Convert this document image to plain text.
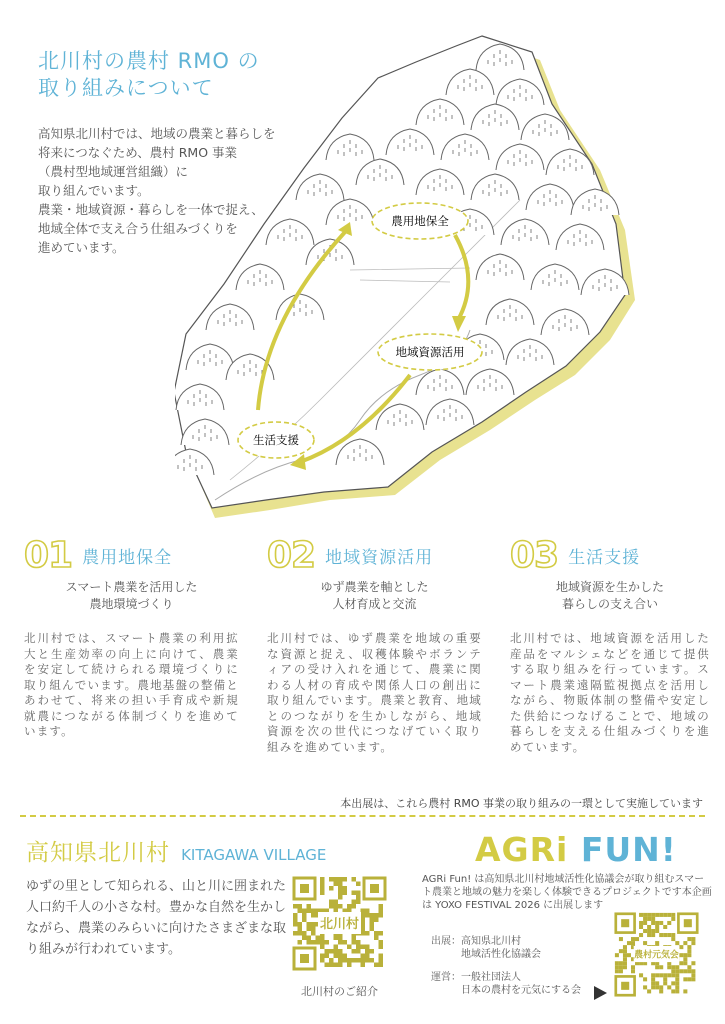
北川村の農村 RMO の
取り組みについて
高知県北川村では、地域の農業と暮らしを
将来につなぐため、農村 RMO 事業
（農村型地域運営組織）に
取り組んでいます。
農業・地域資源・暮らしを一体で捉え、
地域全体で支え合う仕組みづくりを
進めています。
農用地保全
地域資源活用
生活支援
01 農用地保全
スマート農業を活用した
農地環境づくり
北川村では、スマート農業の利用拡大と生産効率の向上に向けて、農業を安定して続けられる環境づくりに取り組んでいます。農地基盤の整備とあわせて、将来の担い手育成や新規就農につながる体制づくりを進めています。
02 地域資源活用
ゆず農業を軸とした
人材育成と交流
北川村では、ゆず農業を地域の重要な資源と捉え、収穫体験やボランティアの受け入れを通じて、農業に関わる人材の育成や関係人口の創出に取り組んでいます。農業と教育、地域とのつながりを生かしながら、地域資源を次の世代につなげていく取り組みを進めています。
03 生活支援
地域資源を生かした
暮らしの支え合い
北川村では、地域資源を活用した産品をマルシェなどを通じて提供する取り組みを行っています。スマート農業遠隔監視拠点を活用しながら、物販体制の整備や安定した供給につなげることで、地域の暮らしを支える仕組みづくりを進めています。
本出展は、これら農村 RMO 事業の取り組みの一環として実施しています
高知県北川村 KITAGAWA VILLAGE
ゆずの里として知られる、山と川に囲まれた人口約千人の小さな村。豊かな自然を生かしながら、農業のみらいに向けたさまざまな取り組みが行われています。
北川村
北川村のご紹介
AGRi FUN!
AGRi Fun! は高知県北川村地域活性化協議会が取り組むスマート農業と地域の魅力を楽しく体験できるプロジェクトです本企画は YOXO FESTIVAL 2026 に出展します
出展：高知県北川村
　　　地域活性化協議会
運営：一般社団法人
　　　日本の農村を元気にする会
農村元気会
